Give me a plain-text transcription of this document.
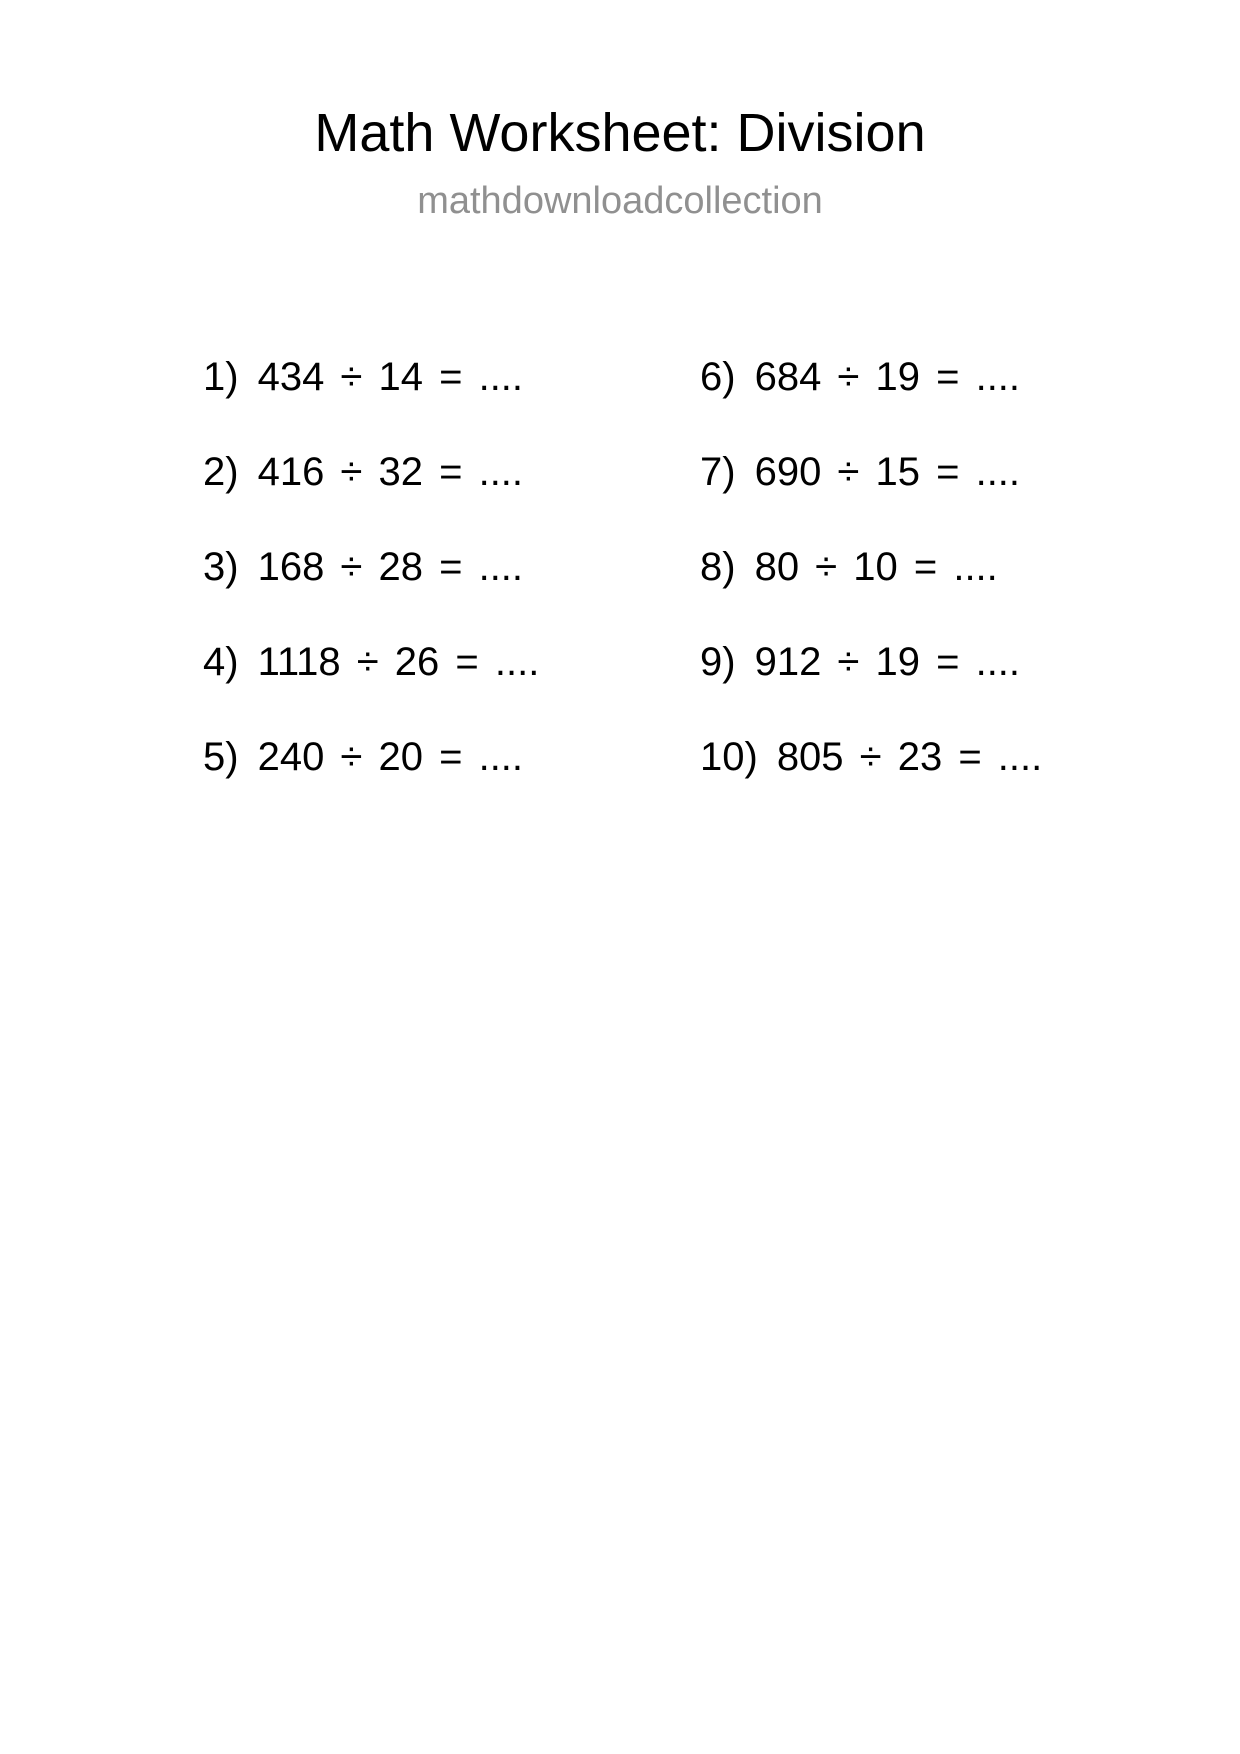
Math Worksheet: Division
mathdownloadcollection
1) 434 ÷ 14 = ....	6) 684 ÷ 19 = ....
2) 416 ÷ 32 = ....	7) 690 ÷ 15 = ....
3) 168 ÷ 28 = ....	8) 80 ÷ 10 = ....
4) 1118 ÷ 26 = ....	9) 912 ÷ 19 = ....
5) 240 ÷ 20 = ....	10) 805 ÷ 23 = ....
